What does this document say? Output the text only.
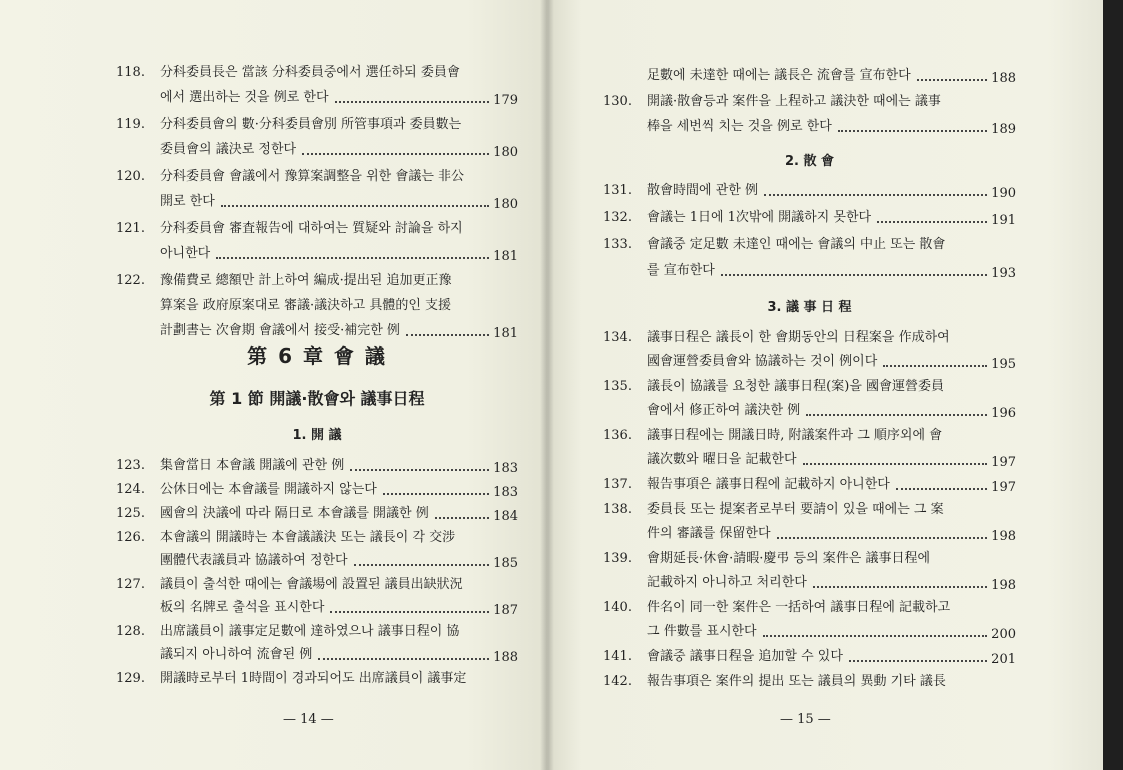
118.	分科委員長은 當該 分科委員중에서 選任하되 委員會
에서 選出하는 것을 例로 한다	179
119.	分科委員會의 數·分科委員會別 所管事項과 委員數는
委員會의 議決로 정한다	180
120.	分科委員會 會議에서 豫算案調整을 위한 會議는 非公
開로 한다	180
121.	分科委員會 審査報告에 대하여는 質疑와 討論을 하지
아니한다	181
122.	豫備費로 總額만 計上하여 編成·提出된 追加更正豫
算案을 政府原案대로 審議·議決하고 具體的인 支援
計劃書는 次會期 會議에서 接受·補完한 例	181
第 6 章 會 議
第 1 節 開議·散會와 議事日程
1. 開 議
123.	集會當日 本會議 開議에 관한 例	183
124.	公休日에는 本會議를 開議하지 않는다	183
125.	國會의 決議에 따라 隔日로 本會議를 開議한 例	184
126.	本會議의 開議時는 本會議議決 또는 議長이 각 交涉
團體代表議員과 協議하여 정한다	185
127.	議員이 출석한 때에는 會議場에 設置된 議員出缺狀況
板의 名牌로 출석을 표시한다	187
128.	出席議員이 議事定足數에 達하였으나 議事日程이 協
議되지 아니하여 流會된 例	188
129.	開議時로부터 1時間이 경과되어도 出席議員이 議事定
足數에 未達한 때에는 議長은 流會를 宣布한다	188
130.	開議·散會등과 案件을 上程하고 議決한 때에는 議事
棒을 세번씩 치는 것을 例로 한다	189
2. 散 會
131.	散會時間에 관한 例	190
132.	會議는 1日에 1次밖에 開議하지 못한다	191
133.	會議중 定足數 未達인 때에는 會議의 中止 또는 散會
를 宣布한다	193
3. 議 事 日 程
134.	議事日程은 議長이 한 會期동안의 日程案을 作成하여
國會運營委員會와 協議하는 것이 例이다	195
135.	議長이 協議를 요청한 議事日程(案)을 國會運營委員
會에서 修正하여 議決한 例	196
136.	議事日程에는 開議日時, 附議案件과 그 順序외에 會
議次數와 曜日을 記載한다	197
137.	報告事項은 議事日程에 記載하지 아니한다	197
138.	委員長 또는 提案者로부터 要請이 있을 때에는 그 案
件의 審議를 保留한다	198
139.	會期延長·休會·請暇·慶弔 등의 案件은 議事日程에
記載하지 아니하고 처리한다	198
140.	件名이 同一한 案件은 一括하여 議事日程에 記載하고
그 件數를 표시한다	200
141.	會議중 議事日程을 追加할 수 있다	201
142.	報告事項은 案件의 提出 또는 議員의 異動 기타 議長
— 14 —	— 15 —
